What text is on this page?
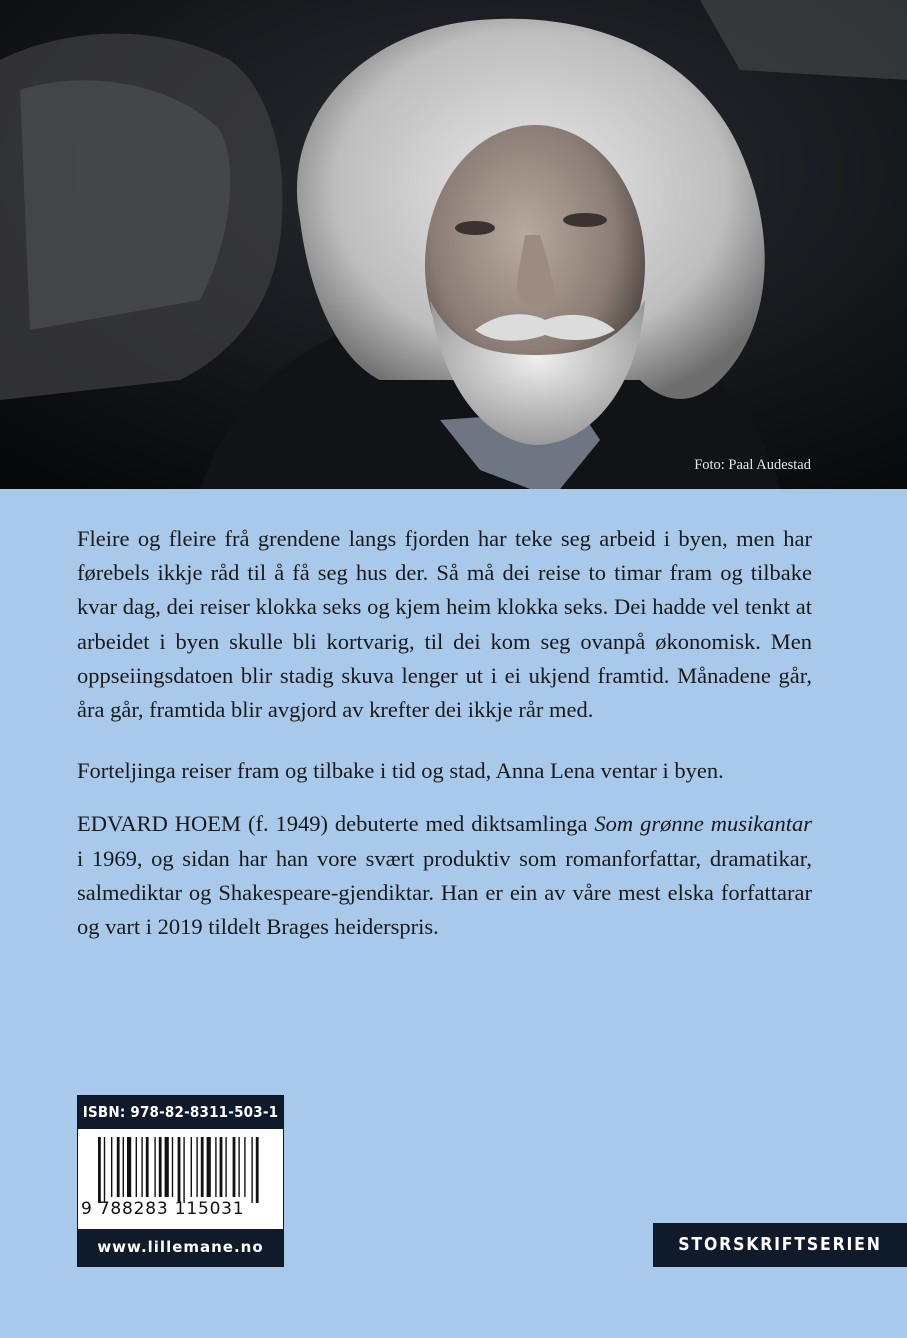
Foto: Paal Audestad

Fleire og fleire frå grendene langs fjorden har teke seg arbeid i byen, men har førebels ikkje råd til å få seg hus der. Så må dei reise to timar fram og tilbake kvar dag, dei reiser klokka seks og kjem heim klokka seks. Dei hadde vel tenkt at arbeidet i byen skulle bli kortvarig, til dei kom seg ovanpå økonomisk. Men oppseiingsdatoen blir stadig skuva lenger ut i ei ukjend framtid. Månadene går, åra går, framtida blir avgjord av krefter dei ikkje rår med.

Forteljinga reiser fram og tilbake i tid og stad, Anna Lena ventar i byen.

EDVARD HOEM (f. 1949) debuterte med diktsamlinga Som grønne musikantar i 1969, og sidan har han vore svært produktiv som romanforfattar, dramatikar, salmediktar og Shakespeare-gjendiktar. Han er ein av våre mest elska forfattarar og vart i 2019 tildelt Brages heiderspris.

ISBN: 978-82-8311-503-1
9 788283 115031
www.lillemane.no	STORSKRIFTSERIEN
